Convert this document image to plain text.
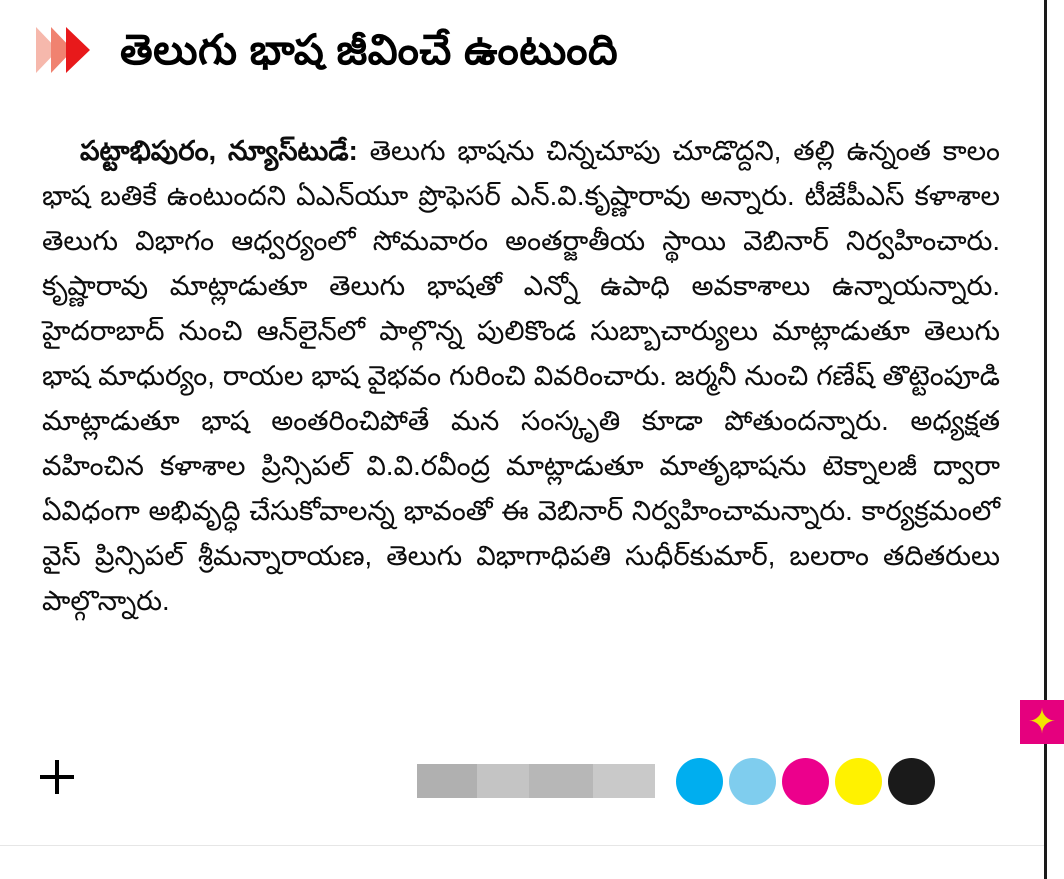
తెలుగు భాష జీవించే ఉంటుంది

పట్టాభిపురం, న్యూస్‌టుడే: తెలుగు భాషను చిన్నచూపు చూడొద్దని, తల్లి ఉన్నంత కాలం భాష బతికే ఉంటుందని ఏఎన్‌యూ ప్రొఫెసర్‌ ఎన్‌.వి.కృష్ణారావు అన్నారు. టీజేపీఎస్‌ కళాశాల తెలుగు విభాగం ఆధ్వర్యంలో సోమవారం అంతర్జాతీయ స్థాయి వెబినార్‌ నిర్వహించారు. కృష్ణారావు మాట్లాడుతూ తెలుగు భాషతో ఎన్నో ఉపాధి అవకాశాలు ఉన్నాయన్నారు. హైదరాబాద్‌ నుంచి ఆన్‌లైన్‌లో పాల్గొన్న పులికొండ సుబ్బాచార్యులు మాట్లాడుతూ తెలుగు భాష మాధుర్యం, రాయల భాష వైభవం గురించి వివరించారు. జర్మనీ నుంచి గణేష్‌ తొట్టెంపూడి మాట్లాడుతూ భాష అంతరించిపోతే మన సంస్కృతి కూడా పోతుందన్నారు. అధ్యక్షత వహించిన కళాశాల ప్రిన్సిపల్‌ వి.వి.రవీంద్ర మాట్లాడుతూ మాతృభాషను టెక్నాలజీ ద్వారా ఏవిధంగా అభివృద్ధి చేసుకోవాలన్న భావంతో ఈ వెబినార్‌ నిర్వహించామన్నారు. కార్యక్రమంలో వైస్‌ ప్రిన్సిపల్‌ శ్రీమన్నారాయణ, తెలుగు విభాగాధిపతి సుధీర్‌కుమార్‌, బలరాం తదితరులు పాల్గొన్నారు.

✦
